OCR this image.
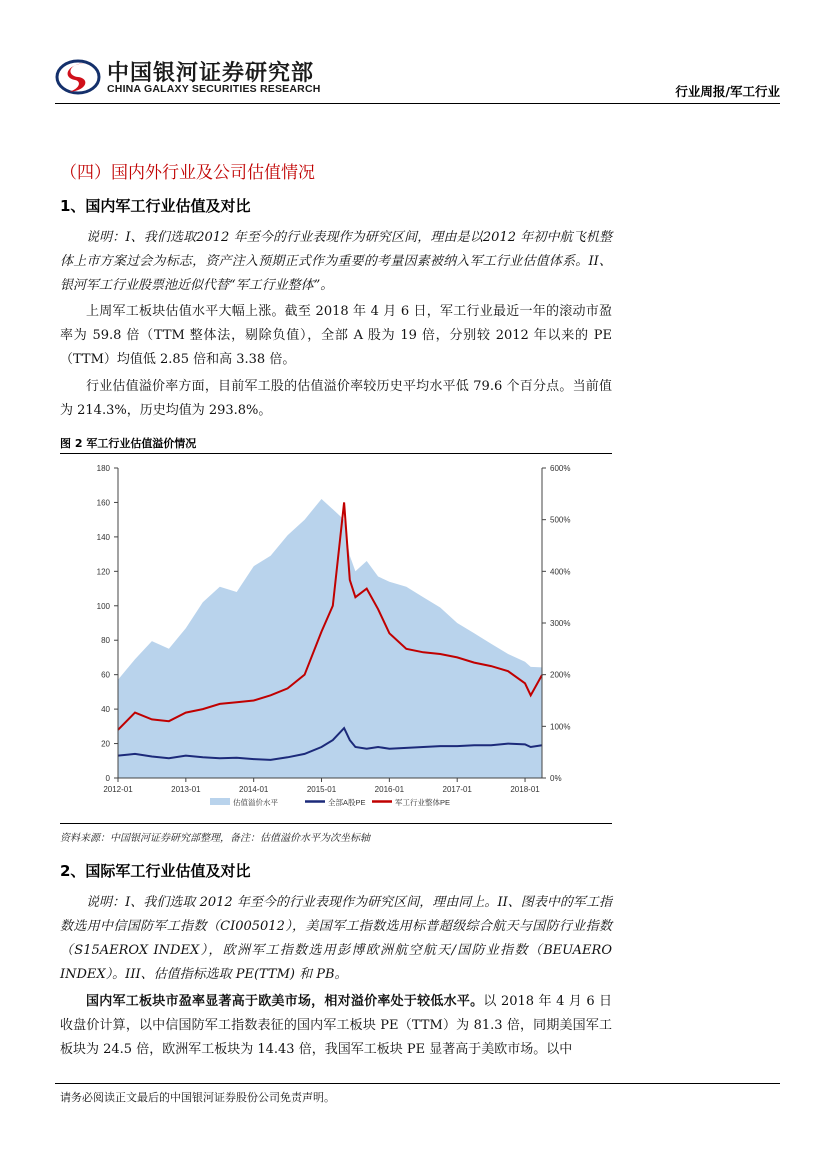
中国银河证券研究部
CHINA GALAXY SECURITIES RESEARCH	行业周报/军工行业
（四）国内外行业及公司估值情况
1、国内军工行业估值及对比
说明：I、我们选取2012 年至今的行业表现作为研究区间，理由是以2012 年初中航飞机整体上市方案过会为标志，资产注入预期正式作为重要的考量因素被纳入军工行业估值体系。II、银河军工行业股票池近似代替“军工行业整体”。
上周军工板块估值水平大幅上涨。截至 2018 年 4 月 6 日，军工行业最近一年的滚动市盈率为 59.8 倍（TTM 整体法，剔除负值），全部 A 股为 19 倍，分别较 2012 年以来的 PE（TTM）均值低 2.85 倍和高 3.38 倍。
行业估值溢价率方面，目前军工股的估值溢价率较历史平均水平低 79.6 个百分点。当前值为 214.3%，历史均值为 293.8%。
图 2 军工行业估值溢价情况
0
20
40
60
80
100
120
140
160
180
0%
100%
200%
300%
400%
500%
600%
2012-01	2013-01	2014-01	2015-01	2016-01	2017-01	2018-01
估值溢价水平	全部A股PE	军工行业整体PE
资料来源：中国银河证券研究部整理，备注：估值溢价水平为次坐标轴
2、国际军工行业估值及对比
说明：I、我们选取 2012 年至今的行业表现作为研究区间，理由同上。II、图表中的军工指数选用中信国防军工指数（CI005012），美国军工指数选用标普超级综合航天与国防行业指数（S15AEROX INDEX），欧洲军工指数选用彭博欧洲航空航天/国防业指数（BEUAERO INDEX）。III、估值指标选取 PE(TTM) 和 PB。
国内军工板块市盈率显著高于欧美市场，相对溢价率处于较低水平。以 2018 年 4 月 6 日收盘价计算，以中信国防军工指数表征的国内军工板块 PE（TTM）为 81.3 倍，同期美国军工板块为 24.5 倍，欧洲军工板块为 14.43 倍，我国军工板块 PE 显著高于美欧市场。以中
请务必阅读正文最后的中国银河证券股份公司免责声明。
